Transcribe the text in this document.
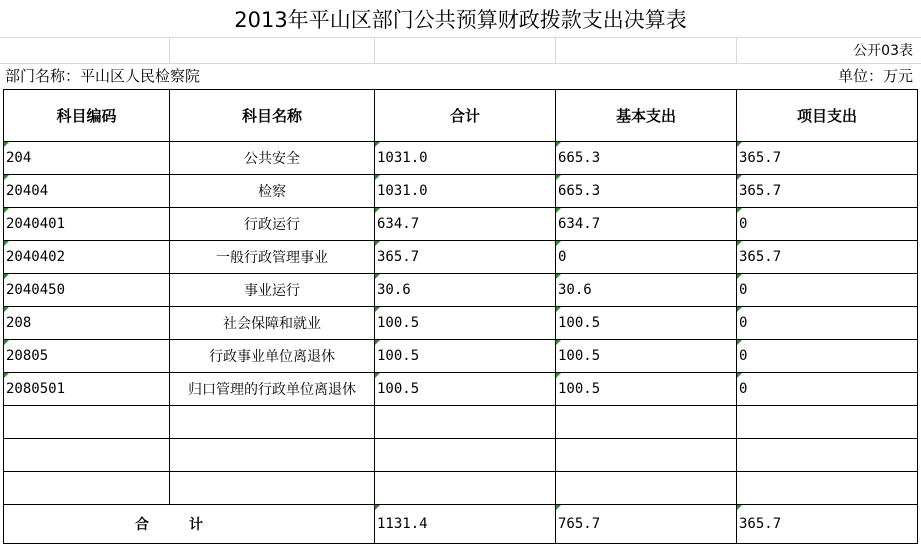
2013年平山区部门公共预算财政拨款支出决算表
公开03表
部门名称：平山区人民检察院	单位：万元
科目编码	科目名称	合计	基本支出	项目支出
204	公共安全	1031.0	665.3	365.7
20404	检察	1031.0	665.3	365.7
2040401	行政运行	634.7	634.7	0
2040402	一般行政管理事业	365.7	0	365.7
2040450	事业运行	30.6	30.6	0
208	社会保障和就业	100.5	100.5	0
20805	行政事业单位离退休	100.5	100.5	0
2080501	归口管理的行政单位离退休	100.5	100.5	0

合计		1131.4	765.7	365.7
